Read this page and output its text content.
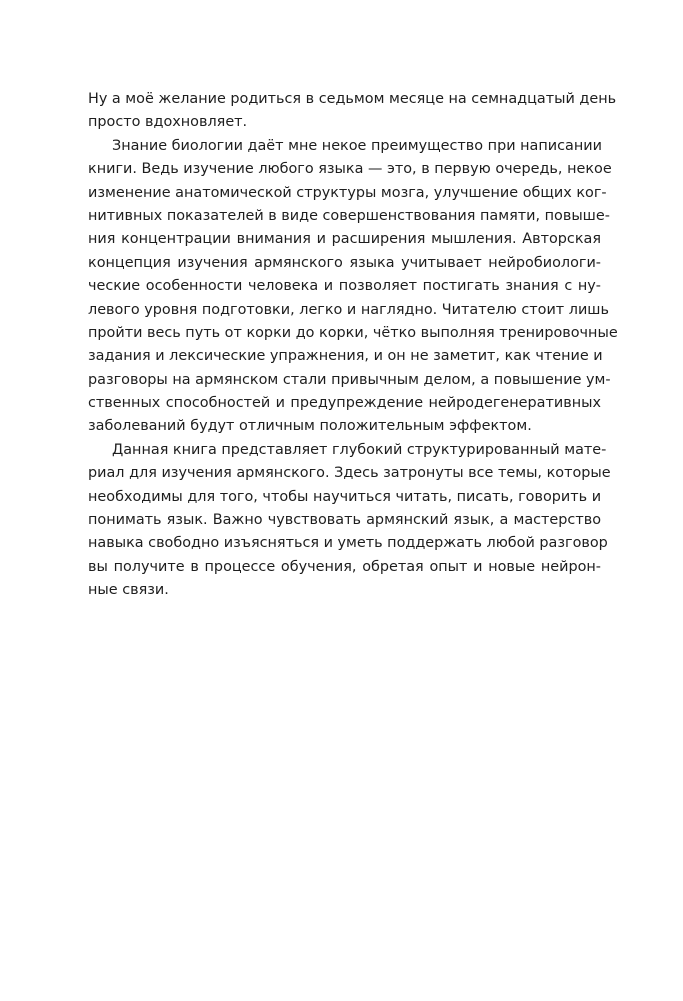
Ну а моё желание родиться в седьмом месяце на семнадцатый день
просто вдохновляет.
Знание биологии даёт мне некое преимущество при написании
книги. Ведь изучение любого языка — это, в первую очередь, некое
изменение анатомической структуры мозга, улучшение общих ког-
нитивных показателей в виде совершенствования памяти, повыше-
ния концентрации внимания и расширения мышления. Авторская
концепция изучения армянского языка учитывает нейробиологи-
ческие особенности человека и позволяет постигать знания с ну-
левого уровня подготовки, легко и наглядно. Читателю стоит лишь
пройти весь путь от корки до корки, чётко выполняя тренировочные
задания и лексические упражнения, и он не заметит, как чтение и
разговоры на армянском стали привычным делом, а повышение ум-
ственных способностей и предупреждение нейродегенеративных
заболеваний будут отличным положительным эффектом.
Данная книга представляет глубокий структурированный мате-
риал для изучения армянского. Здесь затронуты все темы, которые
необходимы для того, чтобы научиться читать, писать, говорить и
понимать язык. Важно чувствовать армянский язык, а мастерство
навыка свободно изъясняться и уметь поддержать любой разговор
вы получите в процессе обучения, обретая опыт и новые нейрон-
ные связи.
